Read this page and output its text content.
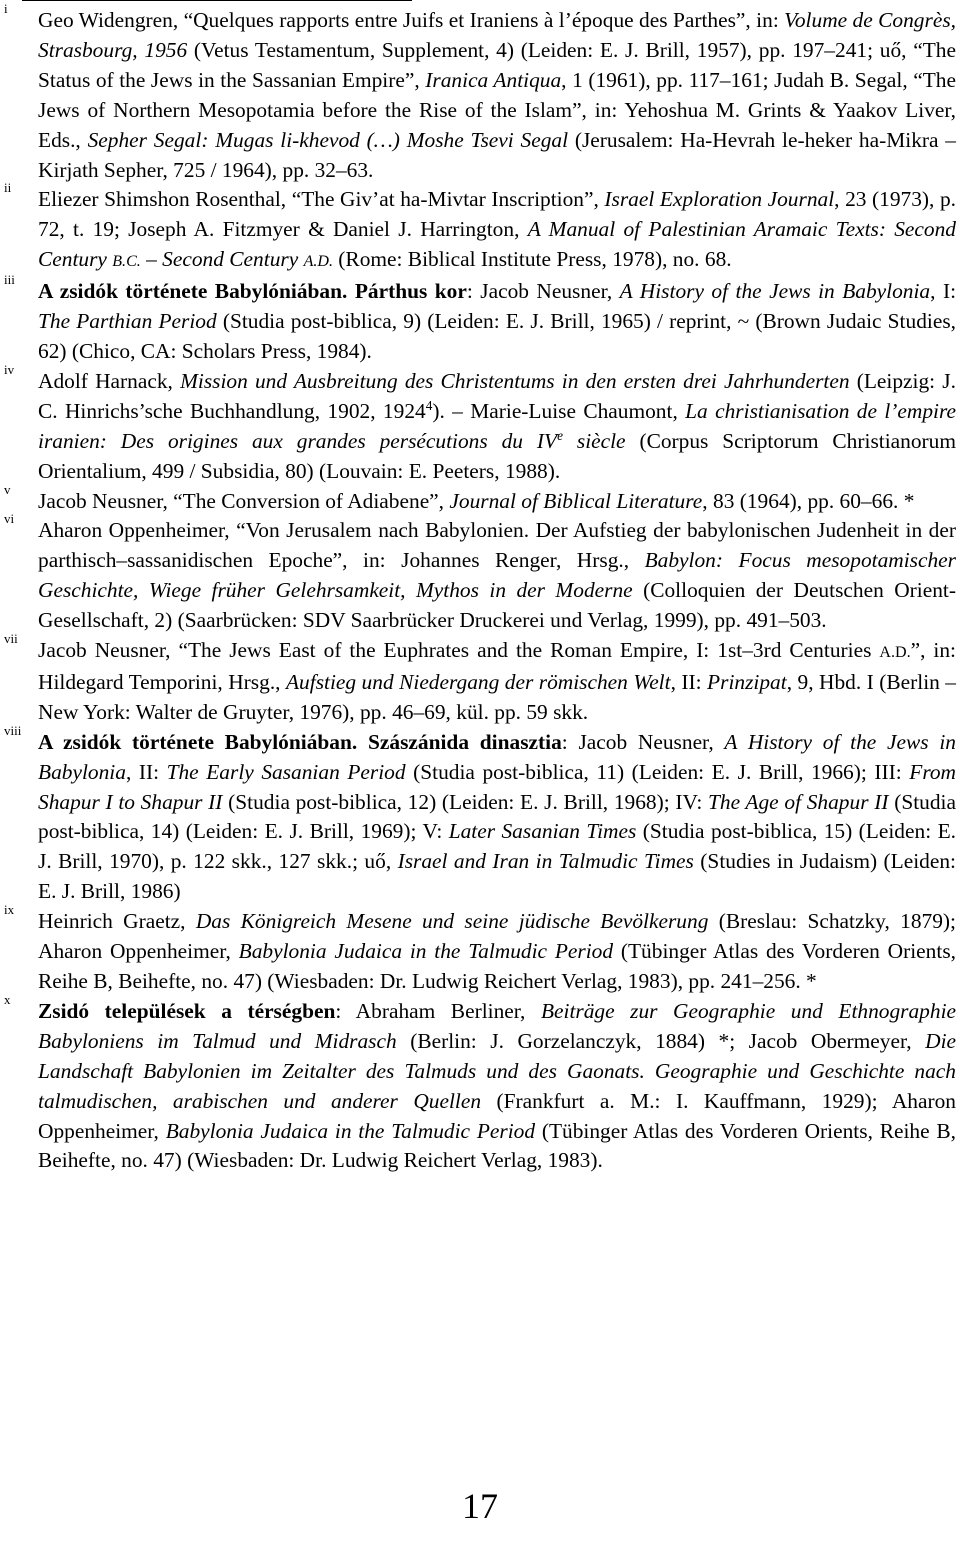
i Geo Widengren, “Quelques rapports entre Juifs et Iraniens à l’époque des Parthes”, in: Volume de Congrès, Strasbourg, 1956 (Vetus Testamentum, Supplement, 4) (Leiden: E. J. Brill, 1957), pp. 197–241; uő, “The Status of the Jews in the Sassanian Empire”, Iranica Antiqua, 1 (1961), pp. 117–161; Judah B. Segal, “The Jews of Northern Mesopotamia before the Rise of the Islam”, in: Yehoshua M. Grints & Yaakov Liver, Eds., Sepher Segal: Mugas li-khevod (…) Moshe Tsevi Segal (Jerusalem: Ha-Hevrah le-heker ha-Mikra – Kirjath Sepher, 725 / 1964), pp. 32–63.
ii Eliezer Shimshon Rosenthal, “The Giv’at ha-Mivtar Inscription”, Israel Exploration Journal, 23 (1973), p. 72, t. 19; Joseph A. Fitzmyer & Daniel J. Harrington, A Manual of Palestinian Aramaic Texts: Second Century B.C. – Second Century A.D. (Rome: Biblical Institute Press, 1978), no. 68.
iii A zsidók története Babylóniában. Párthus kor: Jacob Neusner, A History of the Jews in Babylonia, I: The Parthian Period (Studia post-biblica, 9) (Leiden: E. J. Brill, 1965) / reprint, ~ (Brown Judaic Studies, 62) (Chico, CA: Scholars Press, 1984).
iv Adolf Harnack, Mission und Ausbreitung des Christentums in den ersten drei Jahrhunderten (Leipzig: J. C. Hinrichs’sche Buchhandlung, 1902, 1924$^4$). – Marie-Luise Chaumont, La christianisation de l’empire iranien: Des origines aux grandes persécutions du IVe siècle (Corpus Scriptorum Christianorum Orientalium, 499 / Subsidia, 80) (Louvain: E. Peeters, 1988).
v Jacob Neusner, “The Conversion of Adiabene”, Journal of Biblical Literature, 83 (1964), pp. 60–66. *
vi Aharon Oppenheimer, “Von Jerusalem nach Babylonien. Der Aufstieg der babylonischen Judenheit in der parthisch–sassanidischen Epoche”, in: Johannes Renger, Hrsg., Babylon: Focus mesopotamischer Geschichte, Wiege früher Gelehrsamkeit, Mythos in der Moderne (Colloquien der Deutschen Orient-Gesellschaft, 2) (Saarbrücken: SDV Saarbrücker Druckerei und Verlag, 1999), pp. 491–503.
vii Jacob Neusner, “The Jews East of the Euphrates and the Roman Empire, I: 1st–3rd Centuries A.D.”, in: Hildegard Temporini, Hrsg., Aufstieg und Niedergang der römischen Welt, II: Prinzipat, 9, Hbd. I (Berlin – New York: Walter de Gruyter, 1976), pp. 46–69, kül. pp. 59 skk.
viii A zsidók története Babylóniában. Szászánida dinasztia: Jacob Neusner, A History of the Jews in Babylonia, II: The Early Sasanian Period (Studia post-biblica, 11) (Leiden: E. J. Brill, 1966); III: From Shapur I to Shapur II (Studia post-biblica, 12) (Leiden: E. J. Brill, 1968); IV: The Age of Shapur II (Studia post-biblica, 14) (Leiden: E. J. Brill, 1969); V: Later Sasanian Times (Studia post-biblica, 15) (Leiden: E. J. Brill, 1970), p. 122 skk., 127 skk.; uő, Israel and Iran in Talmudic Times (Studies in Judaism) (Leiden: E. J. Brill, 1986)
ix Heinrich Graetz, Das Königreich Mesene und seine jüdische Bevölkerung (Breslau: Schatzky, 1879); Aharon Oppenheimer, Babylonia Judaica in the Talmudic Period (Tübinger Atlas des Vorderen Orients, Reihe B, Beihefte, no. 47) (Wiesbaden: Dr. Ludwig Reichert Verlag, 1983), pp. 241–256. *
x Zsidó települések a térségben: Abraham Berliner, Beiträge zur Geographie und Ethnographie Babyloniens im Talmud und Midrasch (Berlin: J. Gorzelanczyk, 1884) *; Jacob Obermeyer, Die Landschaft Babylonien im Zeitalter des Talmuds und des Gaonats. Geographie und Geschichte nach talmudischen, arabischen und anderer Quellen (Frankfurt a. M.: I. Kauffmann, 1929); Aharon Oppenheimer, Babylonia Judaica in the Talmudic Period (Tübinger Atlas des Vorderen Orients, Reihe B, Beihefte, no. 47) (Wiesbaden: Dr. Ludwig Reichert Verlag, 1983).
17
